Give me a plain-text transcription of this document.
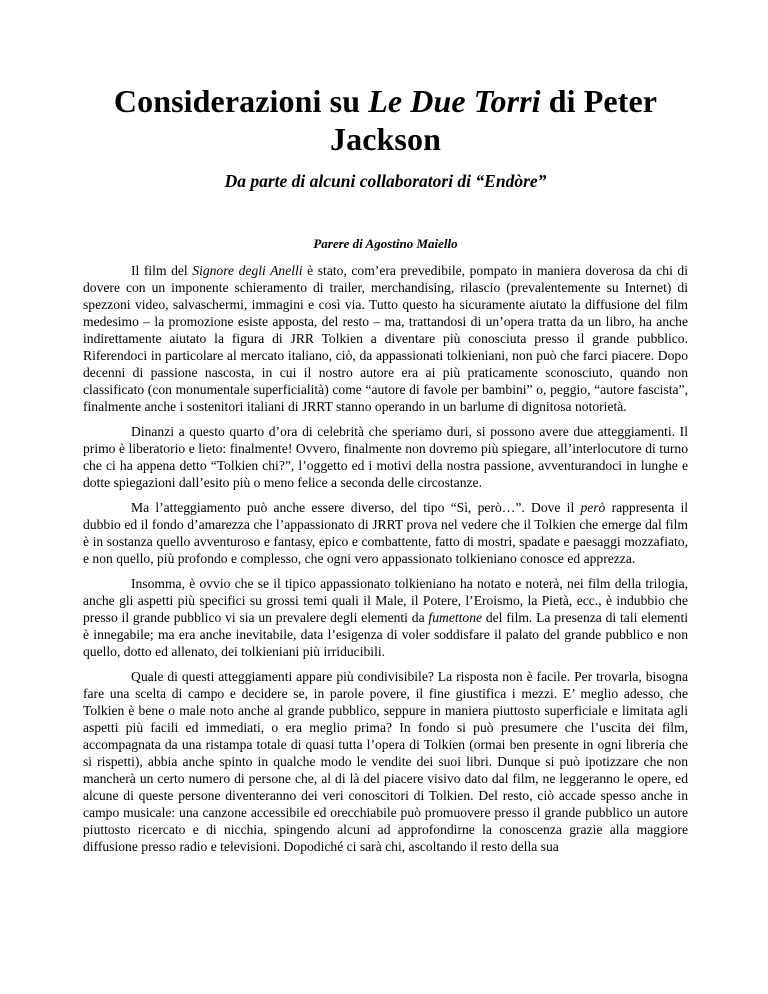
Considerazioni su Le Due Torri di Peter Jackson
Da parte di alcuni collaboratori di “Endòre”
Parere di Agostino Maiello

Il film del Signore degli Anelli è stato, com’era prevedibile, pompato in maniera doverosa da chi di dovere con un imponente schieramento di trailer, merchandising, rilascio (prevalentemente su Internet) di spezzoni video, salvaschermi, immagini e così via. Tutto questo ha sicuramente aiutato la diffusione del film medesimo – la promozione esiste apposta, del resto – ma, trattandosi di un’opera tratta da un libro, ha anche indirettamente aiutato la figura di JRR Tolkien a diventare più conosciuta presso il grande pubblico. Riferendoci in particolare al mercato italiano, ciò, da appassionati tolkieniani, non può che farci piacere. Dopo decenni di passione nascosta, in cui il nostro autore era ai più praticamente sconosciuto, quando non classificato (con monumentale superficialità) come “autore di favole per bambini” o, peggio, “autore fascista”, finalmente anche i sostenitori italiani di JRRT stanno operando in un barlume di dignitosa notorietà.

Dinanzi a questo quarto d’ora di celebrità che speriamo duri, si possono avere due atteggiamenti. Il primo è liberatorio e lieto: finalmente! Ovvero, finalmente non dovremo più spiegare, all’interlocutore di turno che ci ha appena detto “Tolkien chi?”, l’oggetto ed i motivi della nostra passione, avventurandoci in lunghe e dotte spiegazioni dall’esito più o meno felice a seconda delle circostanze.

Ma l’atteggiamento può anche essere diverso, del tipo “Sì, però…”. Dove il però rappresenta il dubbio ed il fondo d’amarezza che l’appassionato di JRRT prova nel vedere che il Tolkien che emerge dal film è in sostanza quello avventuroso e fantasy, epico e combattente, fatto di mostri, spadate e paesaggi mozzafiato, e non quello, più profondo e complesso, che ogni vero appassionato tolkieniano conosce ed apprezza.

Insomma, è ovvio che se il tipico appassionato tolkieniano ha notato e noterà, nei film della trilogia, anche gli aspetti più specifici su grossi temi quali il Male, il Potere, l’Eroismo, la Pietà, ecc., è indubbio che presso il grande pubblico vi sia un prevalere degli elementi da fumettone del film. La presenza di tali elementi è innegabile; ma era anche inevitabile, data l’esigenza di voler soddisfare il palato del grande pubblico e non quello, dotto ed allenato, dei tolkieniani più irriducibili.

Quale di questi atteggiamenti appare più condivisibile? La risposta non è facile. Per trovarla, bisogna fare una scelta di campo e decidere se, in parole povere, il fine giustifica i mezzi. E’ meglio adesso, che Tolkien è bene o male noto anche al grande pubblico, seppure in maniera piuttosto superficiale e limitata agli aspetti più facili ed immediati, o era meglio prima? In fondo si può presumere che l’uscita dei film, accompagnata da una ristampa totale di quasi tutta l’opera di Tolkien (ormai ben presente in ogni libreria che si rispetti), abbia anche spinto in qualche modo le vendite dei suoi libri. Dunque si può ipotizzare che non mancherà un certo numero di persone che, al di là del piacere visivo dato dal film, ne leggeranno le opere, ed alcune di queste persone diventeranno dei veri conoscitori di Tolkien. Del resto, ciò accade spesso anche in campo musicale: una canzone accessibile ed orecchiabile può promuovere presso il grande pubblico un autore piuttosto ricercato e di nicchia, spingendo alcuni ad approfondirne la conoscenza grazie alla maggiore diffusione presso radio e televisioni. Dopodiché ci sarà chi, ascoltando il resto della sua
